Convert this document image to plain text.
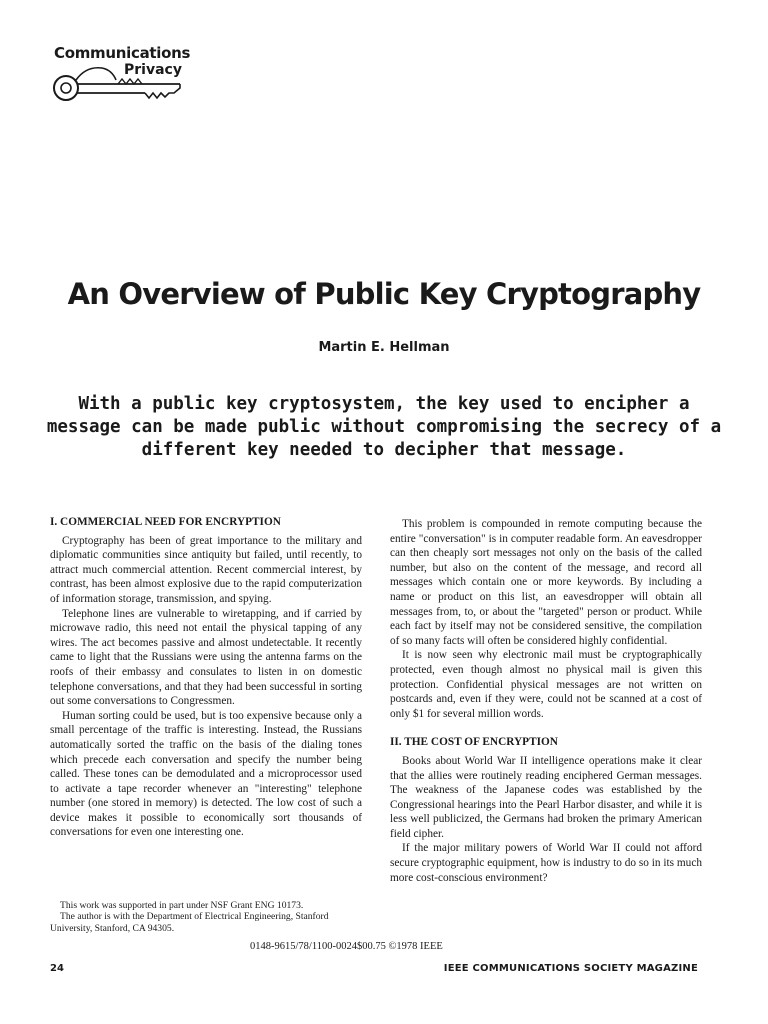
Communications
Privacy
An Overview of Public Key Cryptography
Martin E. Hellman

With a public key cryptosystem, the key used to encipher a message can be made public without compromising the secrecy of a different key needed to decipher that message.

I. COMMERCIAL NEED FOR ENCRYPTION

Cryptography has been of great importance to the military and diplomatic communities since antiquity but failed, until recently, to attract much commercial attention. Recent commercial interest, by contrast, has been almost explosive due to the rapid computerization of information storage, transmission, and spying.

Telephone lines are vulnerable to wiretapping, and if carried by microwave radio, this need not entail the physical tapping of any wires. The act becomes passive and almost undetectable. It recently came to light that the Russians were using the antenna farms on the roofs of their embassy and consulates to listen in on domestic telephone conversations, and that they had been successful in sorting out some conversations to Congressmen.

Human sorting could be used, but is too expensive because only a small percentage of the traffic is interesting. Instead, the Russians automatically sorted the traffic on the basis of the dialing tones which precede each conversation and specify the number being called. These tones can be demodulated and a microprocessor used to activate a tape recorder whenever an "interesting" telephone number (one stored in memory) is detected. The low cost of such a device makes it possible to economically sort thousands of conversations for even one interesting one.

This problem is compounded in remote computing because the entire "conversation" is in computer readable form. An eavesdropper can then cheaply sort messages not only on the basis of the called number, but also on the content of the message, and record all messages which contain one or more keywords. By including a name or product on this list, an eavesdropper will obtain all messages from, to, or about the "targeted" person or product. While each fact by itself may not be considered sensitive, the compilation of so many facts will often be considered highly confidential.

It is now seen why electronic mail must be cryptographically protected, even though almost no physical mail is given this protection. Confidential physical messages are not written on postcards and, even if they were, could not be scanned at a cost of only $1 for several million words.

II. THE COST OF ENCRYPTION

Books about World War II intelligence operations make it clear that the allies were routinely reading enciphered German messages. The weakness of the Japanese codes was established by the Congressional hearings into the Pearl Harbor disaster, and while it is less well publicized, the Germans had broken the primary American field cipher.

If the major military powers of World War II could not afford secure cryptographic equipment, how is industry to do so in its much more cost-conscious environment?

This work was supported in part under NSF Grant ENG 10173.

The author is with the Department of Electrical Engineering, Stanford University, Stanford, CA 94305.

0148-9615/78/1100-0024$00.75 ©1978 IEEE
24	IEEE COMMUNICATIONS SOCIETY MAGAZINE
